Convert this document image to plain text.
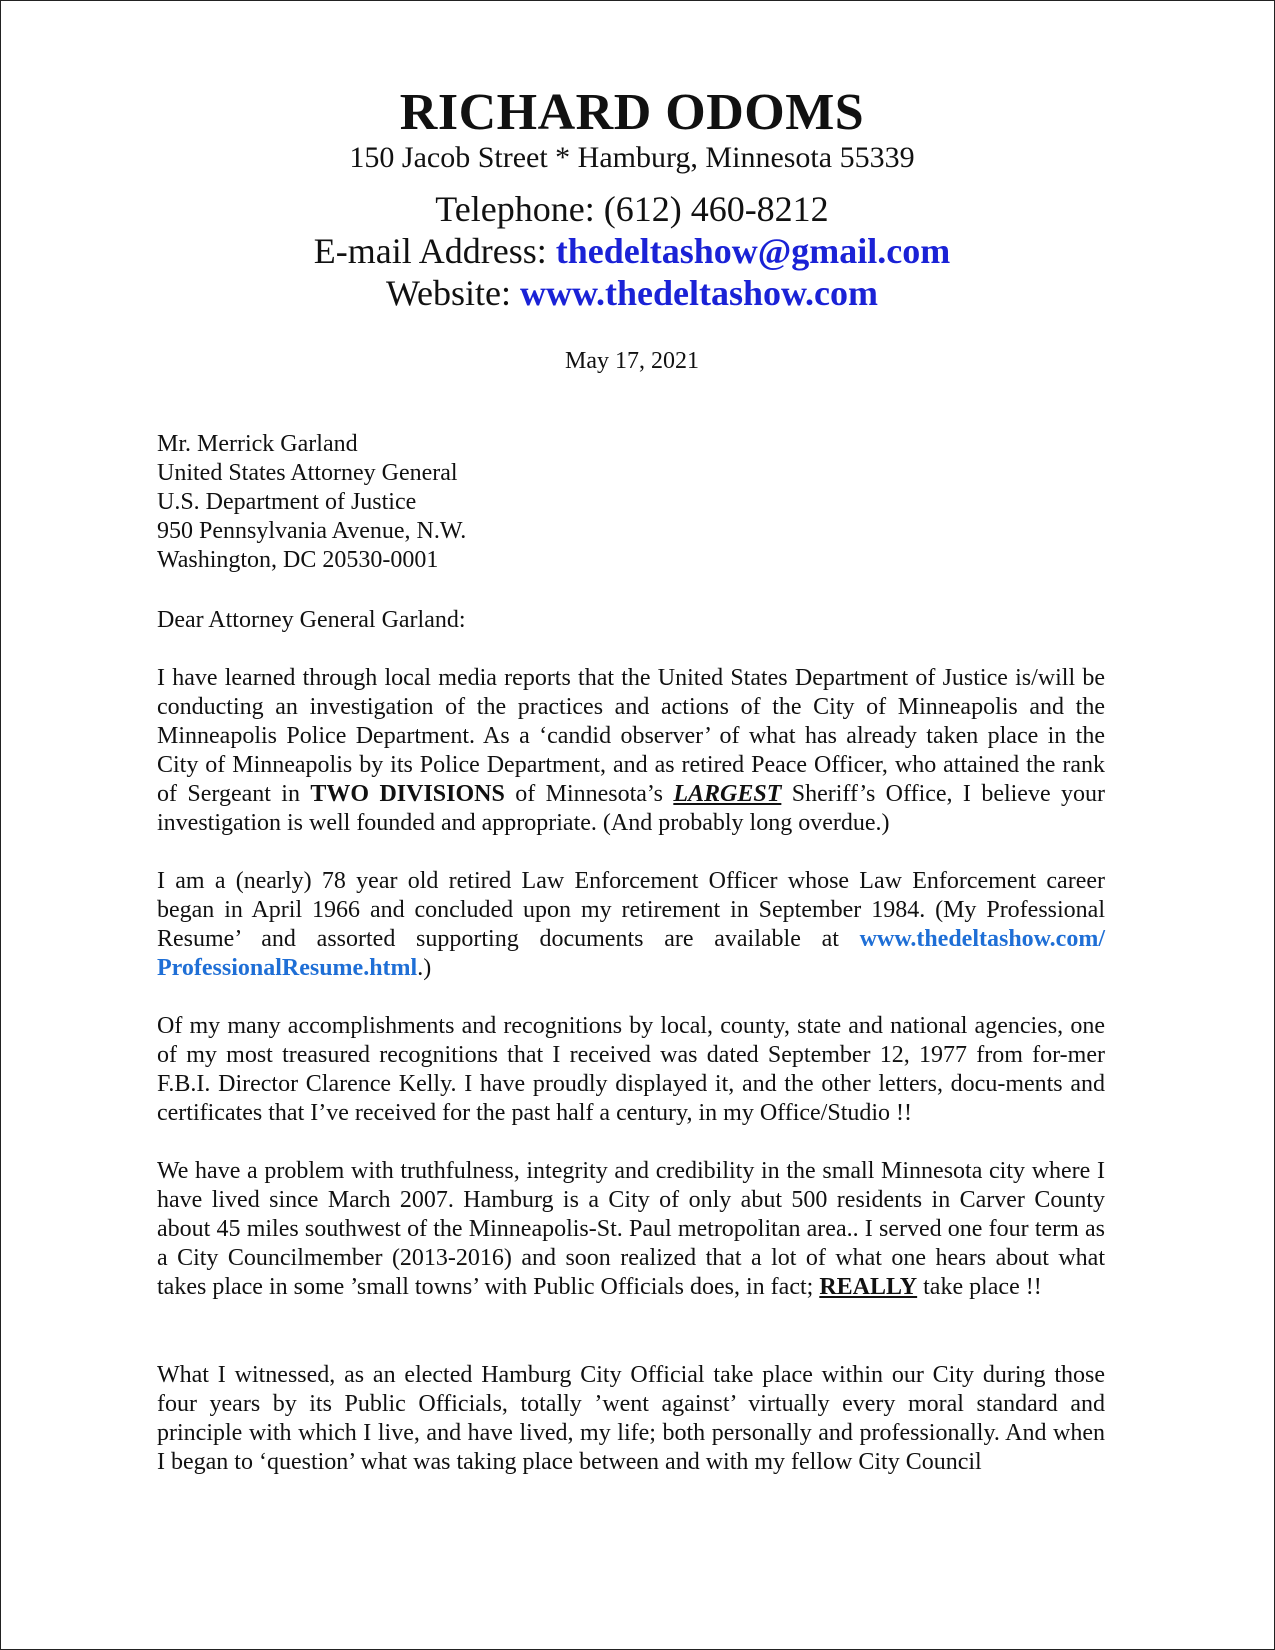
RICHARD ODOMS
150 Jacob Street * Hamburg, Minnesota 55339
Telephone: (612) 460-8212
E-mail Address: thedeltashow@gmail.com
Website: www.thedeltashow.com
May 17, 2021
Mr. Merrick Garland
United States Attorney General
U.S. Department of Justice
950 Pennsylvania Avenue, N.W.
Washington, DC 20530-0001
Dear Attorney General Garland:

I have learned through local media reports that the United States Department of Justice is/will be conducting an investigation of the practices and actions of the City of Minneapolis and the Minneapolis Police Department. As a ‘candid observer’ of what has already taken place in the City of Minneapolis by its Police Department, and as retired Peace Officer, who attained the rank of Sergeant in TWO DIVISIONS of Minnesota’s LARGEST Sheriff’s Office, I believe your investigation is well founded and appropriate. (And probably long overdue.)

I am a (nearly) 78 year old retired Law Enforcement Officer whose Law Enforcement career began in April 1966 and concluded upon my retirement in September 1984. (My Professional Resume’ and assorted supporting documents are available at www.thedeltashow.com/ ProfessionalResume.html.)

Of my many accomplishments and recognitions by local, county, state and national agencies, one of my most treasured recognitions that I received was dated September 12, 1977 from for-mer F.B.I. Director Clarence Kelly. I have proudly displayed it, and the other letters, docu-ments and certificates that I’ve received for the past half a century, in my Office/Studio !!

We have a problem with truthfulness, integrity and credibility in the small Minnesota city where I have lived since March 2007. Hamburg is a City of only abut 500 residents in Carver County about 45 miles southwest of the Minneapolis-St. Paul metropolitan area.. I served one four term as a City Councilmember (2013-2016) and soon realized that a lot of what one hears about what takes place in some ’small towns’ with Public Officials does, in fact; REALLY take place !!

What I witnessed, as an elected Hamburg City Official take place within our City during those four years by its Public Officials, totally ’went against’ virtually every moral standard and principle with which I live, and have lived, my life; both personally and professionally. And when I began to ‘question’ what was taking place between and with my fellow City Council
